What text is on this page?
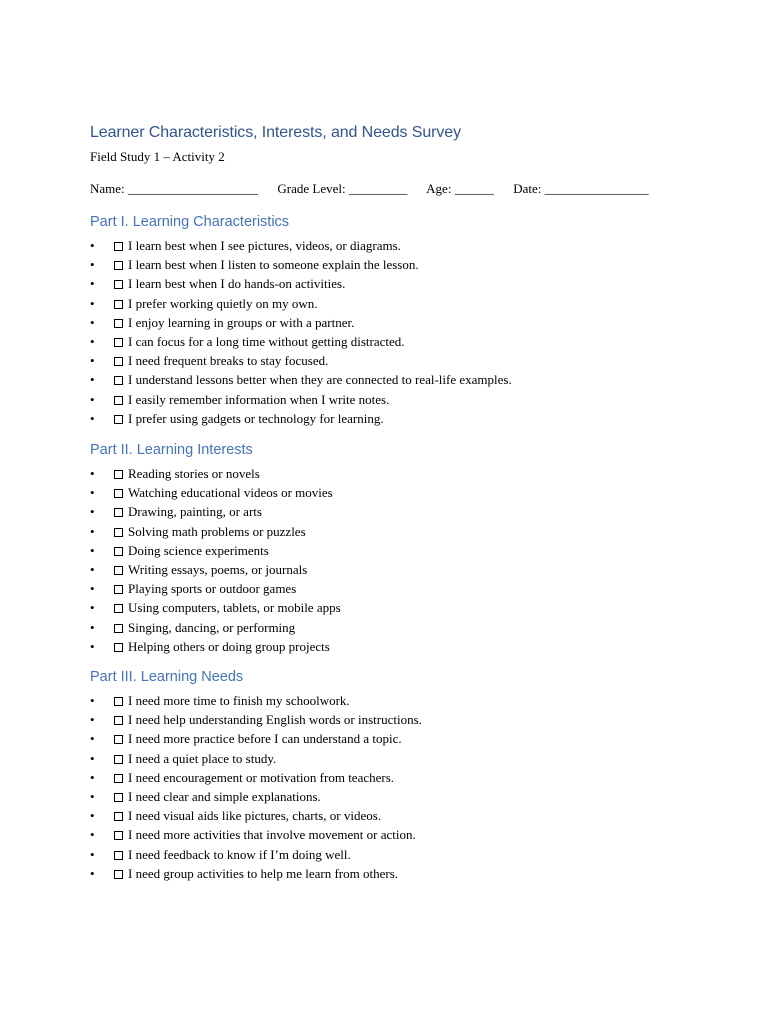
Learner Characteristics, Interests, and Needs Survey

Field Study 1 – Activity 2

Name: ____________________ Grade Level: _________ Age: ______ Date: ________________

Part I. Learning Characteristics
•	I learn best when I see pictures, videos, or diagrams.
•	I learn best when I listen to someone explain the lesson.
•	I learn best when I do hands-on activities.
•	I prefer working quietly on my own.
•	I enjoy learning in groups or with a partner.
•	I can focus for a long time without getting distracted.
•	I need frequent breaks to stay focused.
•	I understand lessons better when they are connected to real-life examples.
•	I easily remember information when I write notes.
•	I prefer using gadgets or technology for learning.
Part II. Learning Interests
•	Reading stories or novels
•	Watching educational videos or movies
•	Drawing, painting, or arts
•	Solving math problems or puzzles
•	Doing science experiments
•	Writing essays, poems, or journals
•	Playing sports or outdoor games
•	Using computers, tablets, or mobile apps
•	Singing, dancing, or performing
•	Helping others or doing group projects
Part III. Learning Needs
•	I need more time to finish my schoolwork.
•	I need help understanding English words or instructions.
•	I need more practice before I can understand a topic.
•	I need a quiet place to study.
•	I need encouragement or motivation from teachers.
•	I need clear and simple explanations.
•	I need visual aids like pictures, charts, or videos.
•	I need more activities that involve movement or action.
•	I need feedback to know if I’m doing well.
•	I need group activities to help me learn from others.
